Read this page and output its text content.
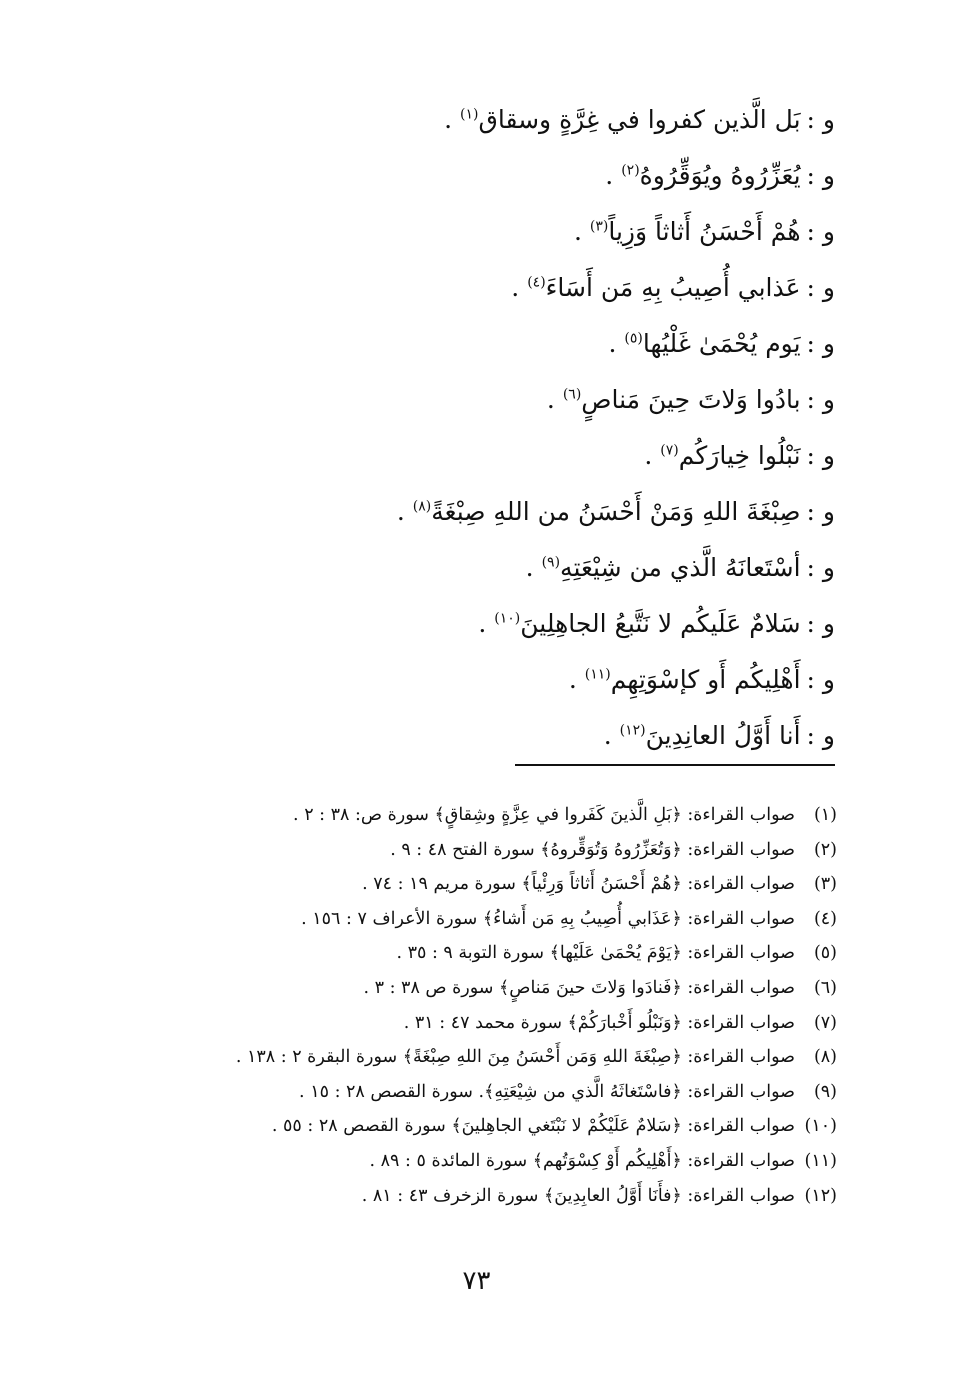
و :بَل الَّذين كفروا في غِرَّةٍ وسقاق$^{(١)}$ .
و :يُعَزِّرُوهُ ويُوَقِّرُوهُ$^{(٢)}$ .
و :هُمْ أَحْسَنُ أَثاثاً وَزِياً$^{(٣)}$ .
و :عَذابي أُصِيبُ بِهِ مَن أَسَاءَ$^{(٤)}$ .
و :يَوم يُحْمَىٰ غَلْيُها$^{(٥)}$ .
و :بادُوا وَلاتَ حِينَ مَناصٍ$^{(٦)}$ .
و :نَبْلُوا خِيارَكُم$^{(٧)}$ .
و :صِبْغَةَ اللهِ وَمَنْ أَحْسَنُ من اللهِ صِبْغَةً$^{(٨)}$ .
و :أسْتَعانَهُ الَّذي من شِيْعَتِهِ$^{(٩)}$ .
و :سَلامٌ عَلَيكُم لا نَتَّبعُ الجاهِلِينَ$^{(١٠)}$ .
و :أَهْلِيكُم أَو كإسْوَتِهِم$^{(١١)}$ .
و :أَنا أَوَّلُ العانِدِينَ$^{(١٢)}$ .
(١)
صواب القراءة: ﴿بَلِ الَّذينَ كَفَروا في عِزَّةٍ وشِقاقٍ﴾ سورة ص: ٣٨ : ٢ .
(٢)
صواب القراءة: ﴿وَتُعَزِّرُوهُ وَتُوَقِّروهُ﴾ سورة الفتح ٤٨ : ٩ .
(٣)
صواب القراءة: ﴿هُمْ أَحْسَنُ أَثاثاً وَرِئْياً﴾ سورة مريم ١٩ : ٧٤ .
(٤)
صواب القراءة: ﴿عَذَابي أُصِيبُ بِهِ مَن أَشاءُ﴾ سورة الأعراف ٧ : ١٥٦ .
(٥)
صواب القراءة: ﴿يَوْمَ يُحْمَىٰ عَلَيْها﴾ سورة التوبة ٩ : ٣٥ .
(٦)
صواب القراءة: ﴿فَنادَوا وَلاتَ حينَ مَناصٍ﴾ سورة ص ٣٨ : ٣ .
(٧)
صواب القراءة: ﴿وَنَبْلُو أَخْبارَكُمْ﴾ سورة محمد ٤٧ : ٣١ .
(٨)
صواب القراءة: ﴿صِبْغَةَ اللهِ وَمَن أَحْسَنُ مِنَ اللهِ صِبْغَةً﴾ سورة البقرة ٢ : ١٣٨ .
(٩)
صواب القراءة: ﴿فاسْتَغاثَهُ الَّذي من شِيْعَتِهِ﴾. سورة القصص ٢٨ : ١٥ .
(١٠)
صواب القراءة: ﴿سَلامٌ عَلَيْكُمْ لا نَبْتَغي الجاهِلينَ﴾ سورة القصص ٢٨ : ٥٥ .
(١١)
صواب القراءة: ﴿أَهْلِيكُم أَوْ كِسْوَتُهم﴾ سورة المائدة ٥ : ٨٩ .
(١٢)
صواب القراءة: ﴿فأَنَا أَوَّلُ العابِدِينَ﴾ سورة الزخرف ٤٣ : ٨١ .
٧٣
